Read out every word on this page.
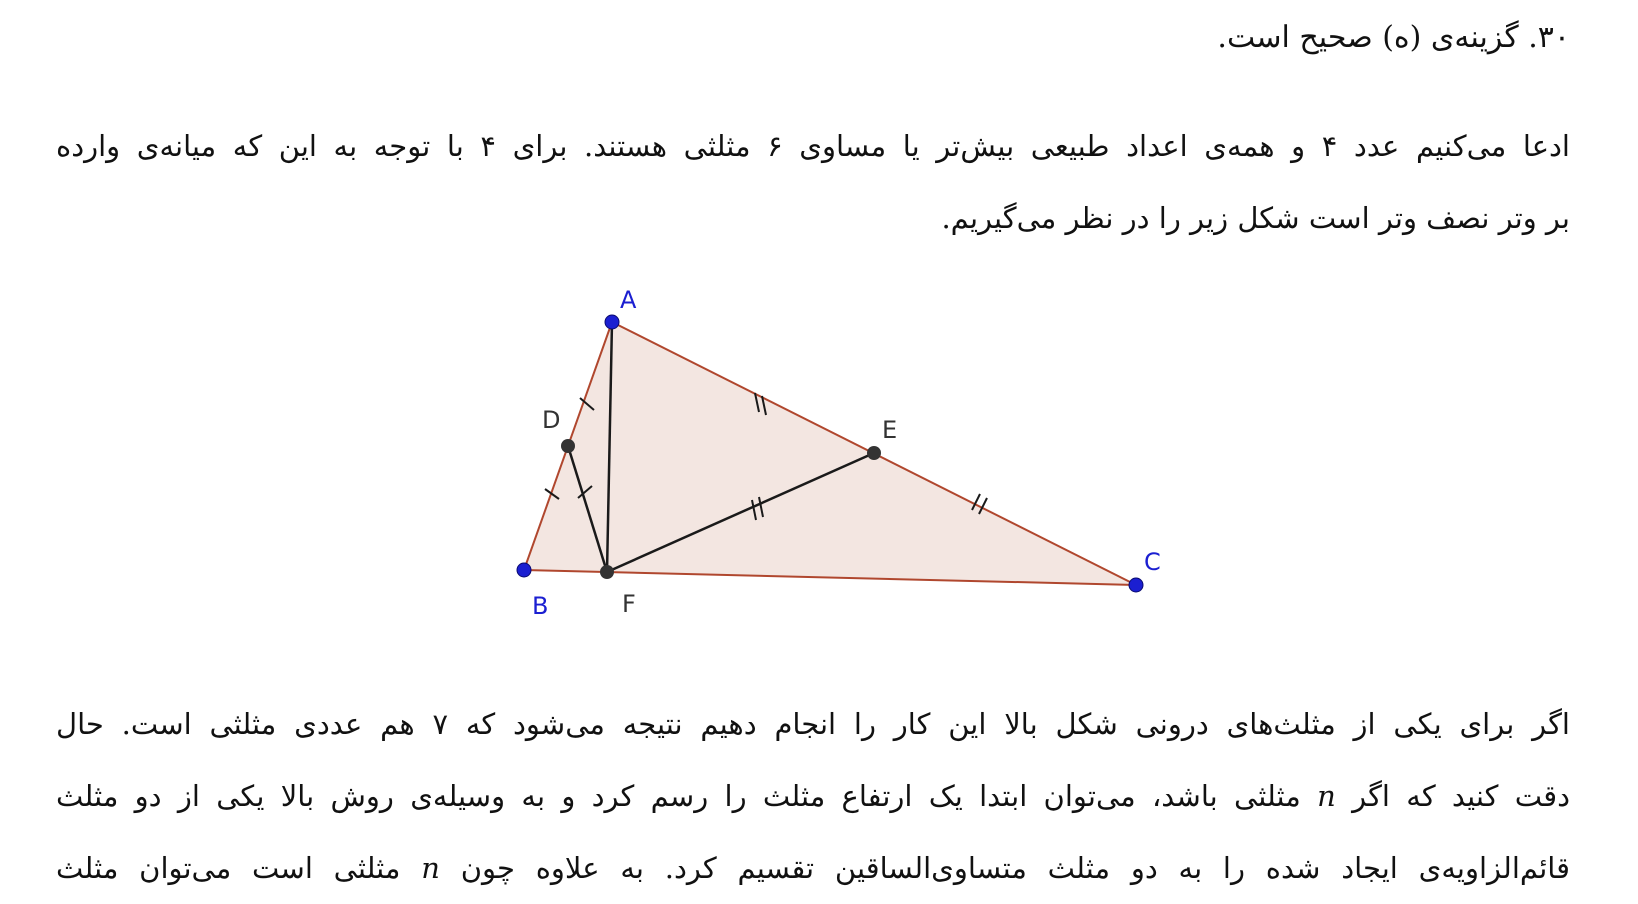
۳۰. گزینه‌ی (ه) صحیح است.
ادعا می‌کنیم عدد ۴ و همه‌ی اعداد طبیعی بیش‌تر یا مساوی ۶ مثلثی هستند. برای ۴ با توجه به این که میانه‌ی وارده
بر وتر نصف وتر است شکل زیر را در نظر می‌گیریم.
A
B
C
D	E
F
اگر برای یکی از مثلث‌های درونی شکل بالا این کار را انجام دهیم نتیجه می‌شود که ۷ هم عددی مثلثی است. حال
دقت کنید که اگر n مثلثی باشد، می‌توان ابتدا یک ارتفاع مثلث را رسم کرد و به وسیله‌ی روش بالا یکی از دو مثلث
قائم‌الزاویه‌ی ایجاد شده را به دو مثلث متساوی‌الساقین تقسیم کرد. به علاوه چون n مثلثی است می‌توان مثلث
